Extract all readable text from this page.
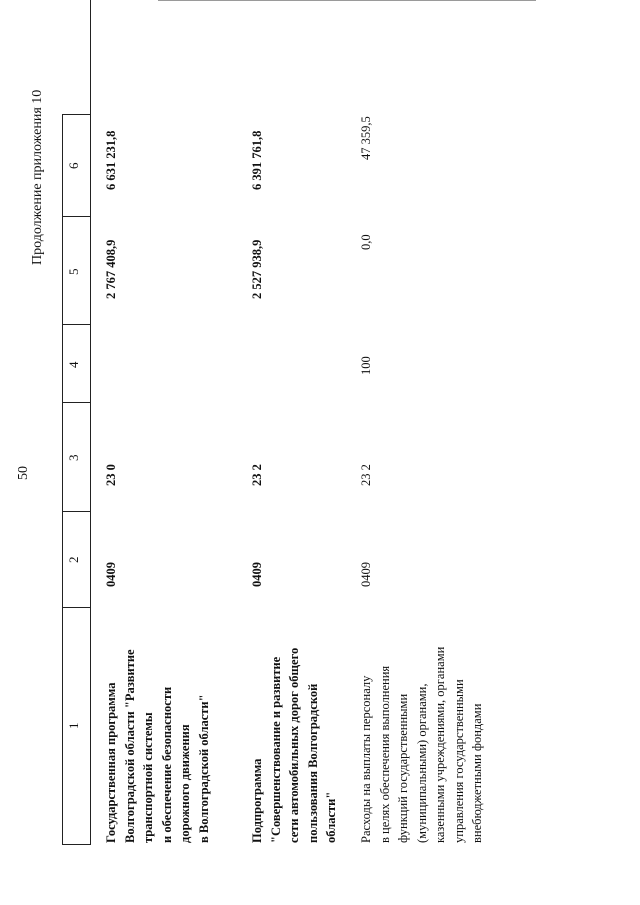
50
Продолжение приложения 10
1
2
3
4
5
6
Государственная программа Волгоградской области "Развитие транспортной системы и обеспечение безопасности дорожного движения в Волгоградской области"
0409
23 0
2 767 408,9
6 631 231,8
Подпрограмма "Совершенствование и развитие сети автомобильных дорог общего пользования Волгоградской области"
0409
23 2
2 527 938,9
6 391 761,8
Расходы на выплаты персоналу в целях обеспечения выполнения функций государственными (муниципальными) органами, казенными учреждениями, органами управления государственными внебюджетными фондами
0409
23 2
100
0,0
47 359,5
